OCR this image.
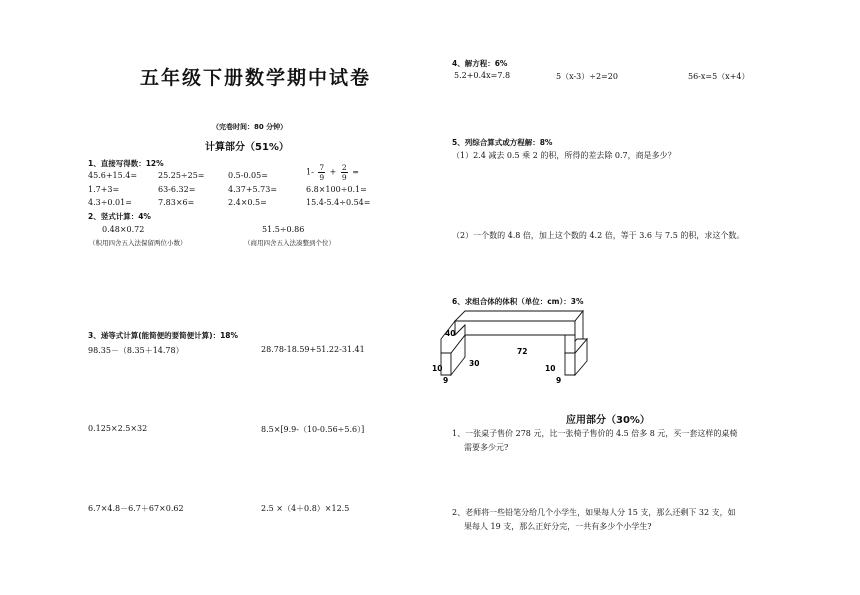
五年级下册数学期中试卷
（完卷时间：80 分钟）
计算部分（51%）
1、直接写得数：12%
45.6+15.4=	25.25÷25=	0.5-0.05=	$1- \frac{7}{9} + \frac{2}{9}$ =
1.7+3=	63-6.32=	4.37+5.73=	6.8×100÷0.1=
4.3÷0.01=	7.83×6=	2.4×0.5=	15.4-5.4÷0.54=
2、竖式计算：4%
0.48×0.72	51.5÷0.86
（积用四舍五入法保留两位小数）	（商用四舍五入法凑整到个位）
3、递等式计算(能简便的要简便计算)：18%
98.35－（8.35＋14.78）	28.78-18.59+51.22-31.41
0.125×2.5×32	8.5×[9.9-（10-0.56÷5.6）]
6.7×4.8－6.7＋67×0.62	2.5 ×（4＋0.8）×12.5
4、解方程：6%
5.2+0.4x=7.8	5（x-3）÷2=20	56-x=5（x+4）
5、列综合算式或方程解：8%
（1）2.4 减去 0.5 乘 2 的积，所得的差去除 0.7，商是多少？
（2）一个数的 4.8 倍，加上这个数的 4.2 倍，等于 3.6 与 7.5 的积，求这个数。
6、求组合体的体积（单位：cm）：3%
40
72
30
10
9
10
9
应用部分（30%）
1、一张桌子售价 278 元，比一张椅子售价的 4.5 倍多 8 元，买一套这样的桌椅
需要多少元?
2、老师将一些铅笔分给几个小学生，如果每人分 15 支，那么还剩下 32 支，如
果每人 19 支，那么正好分完，一共有多少个小学生?
